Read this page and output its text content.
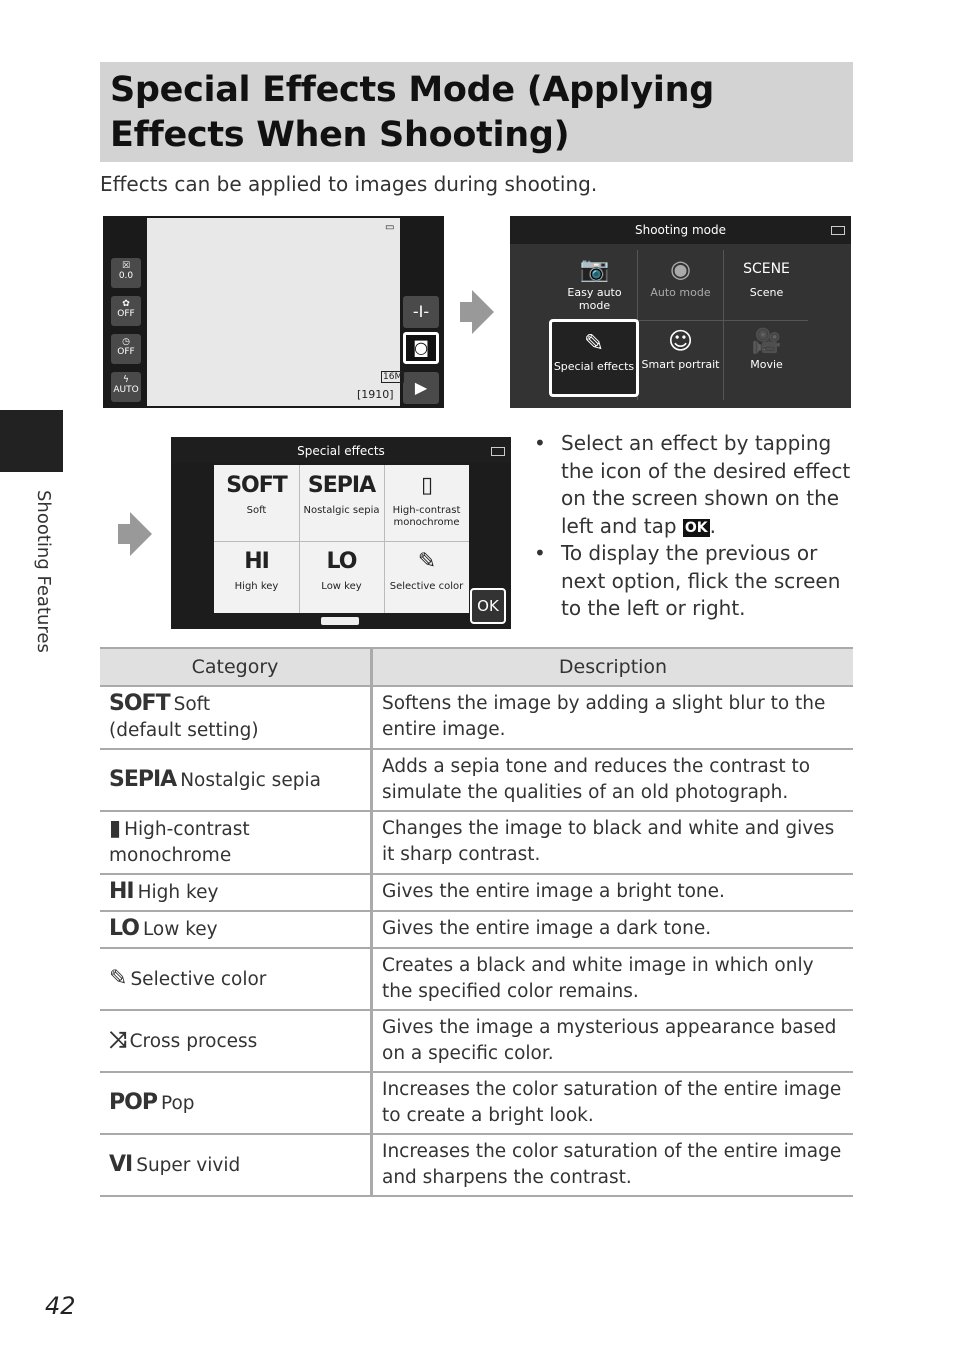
Special Effects Mode (Applying Effects When Shooting)
Effects can be applied to images during shooting.
Shooting Features
☒
0.0
✿
OFF
◷
OFF
ϟ
AUTO
-I-
◙
▶
16M
[1910]
▭	Shooting mode
📷
Easy auto mode
◉
Auto mode
SCENE
Scene
✎
Special effects
☺
Smart portrait
🎥
Movie
Special effects
SOFT
Soft
SEPIA
Nostalgic sepia
▯
High-contrast monochrome
HI
High key
LO
Low key
✎
Selective color
OK
• Select an effect by tapping the icon of the desired effect on the screen shown on the left and tap OK .
• To display the previous or next option, flick the screen to the left or right.
Category	Description
SOFT Soft
(default setting)	Softens the image by adding a slight blur to the entire image.
SEPIA Nostalgic sepia	Adds a sepia tone and reduces the contrast to simulate the qualities of an old photograph.
▮ High-contrast monochrome	Changes the image to black and white and gives it sharp contrast.
HI High key	Gives the entire image a bright tone.
LO Low key	Gives the entire image a dark tone.
✎ Selective color	Creates a black and white image in which only the specified color remains.
⤨ Cross process	Gives the image a mysterious appearance based on a specific color.
POP Pop	Increases the color saturation of the entire image to create a bright look.
VI Super vivid	Increases the color saturation of the entire image and sharpens the contrast.
42
